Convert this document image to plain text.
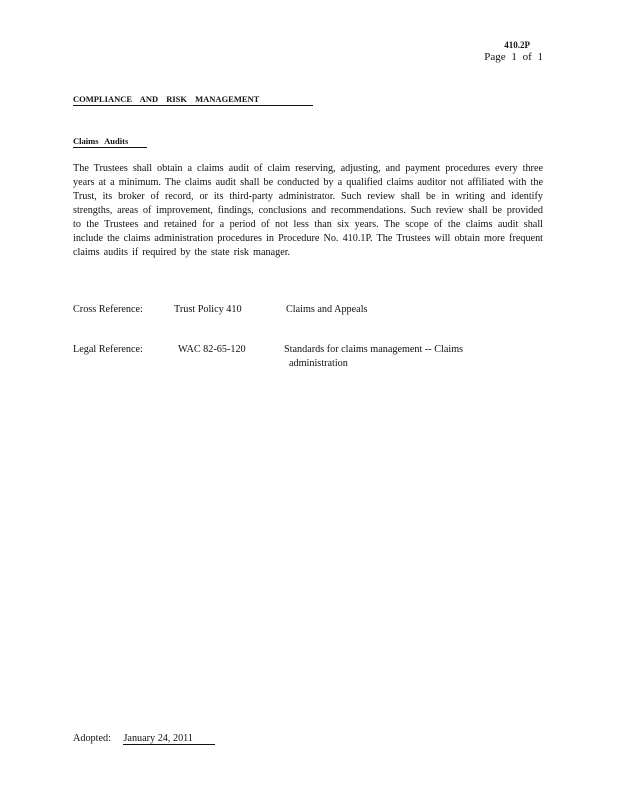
410.2P
Page 1 of 1
COMPLIANCE AND RISK MANAGEMENT
Claims Audits
The Trustees shall obtain a claims audit of claim reserving, adjusting, and payment procedures every three years at a minimum. The claims audit shall be conducted by a qualified claims auditor not affiliated with the Trust, its broker of record, or its third-party administrator. Such review shall be in writing and identify strengths, areas of improvement, findings, conclusions and recommendations. Such review shall be provided to the Trustees and retained for a period of not less than six years. The scope of the claims audit shall include the claims administration procedures in Procedure No. 410.1P. The Trustees will obtain more frequent claims audits if required by the state risk manager.
Cross Reference:	Trust Policy 410	Claims and Appeals
Legal Reference:	WAC 82-65-120	Standards for claims management -- Claims
administration
Adopted: January 24, 2011
